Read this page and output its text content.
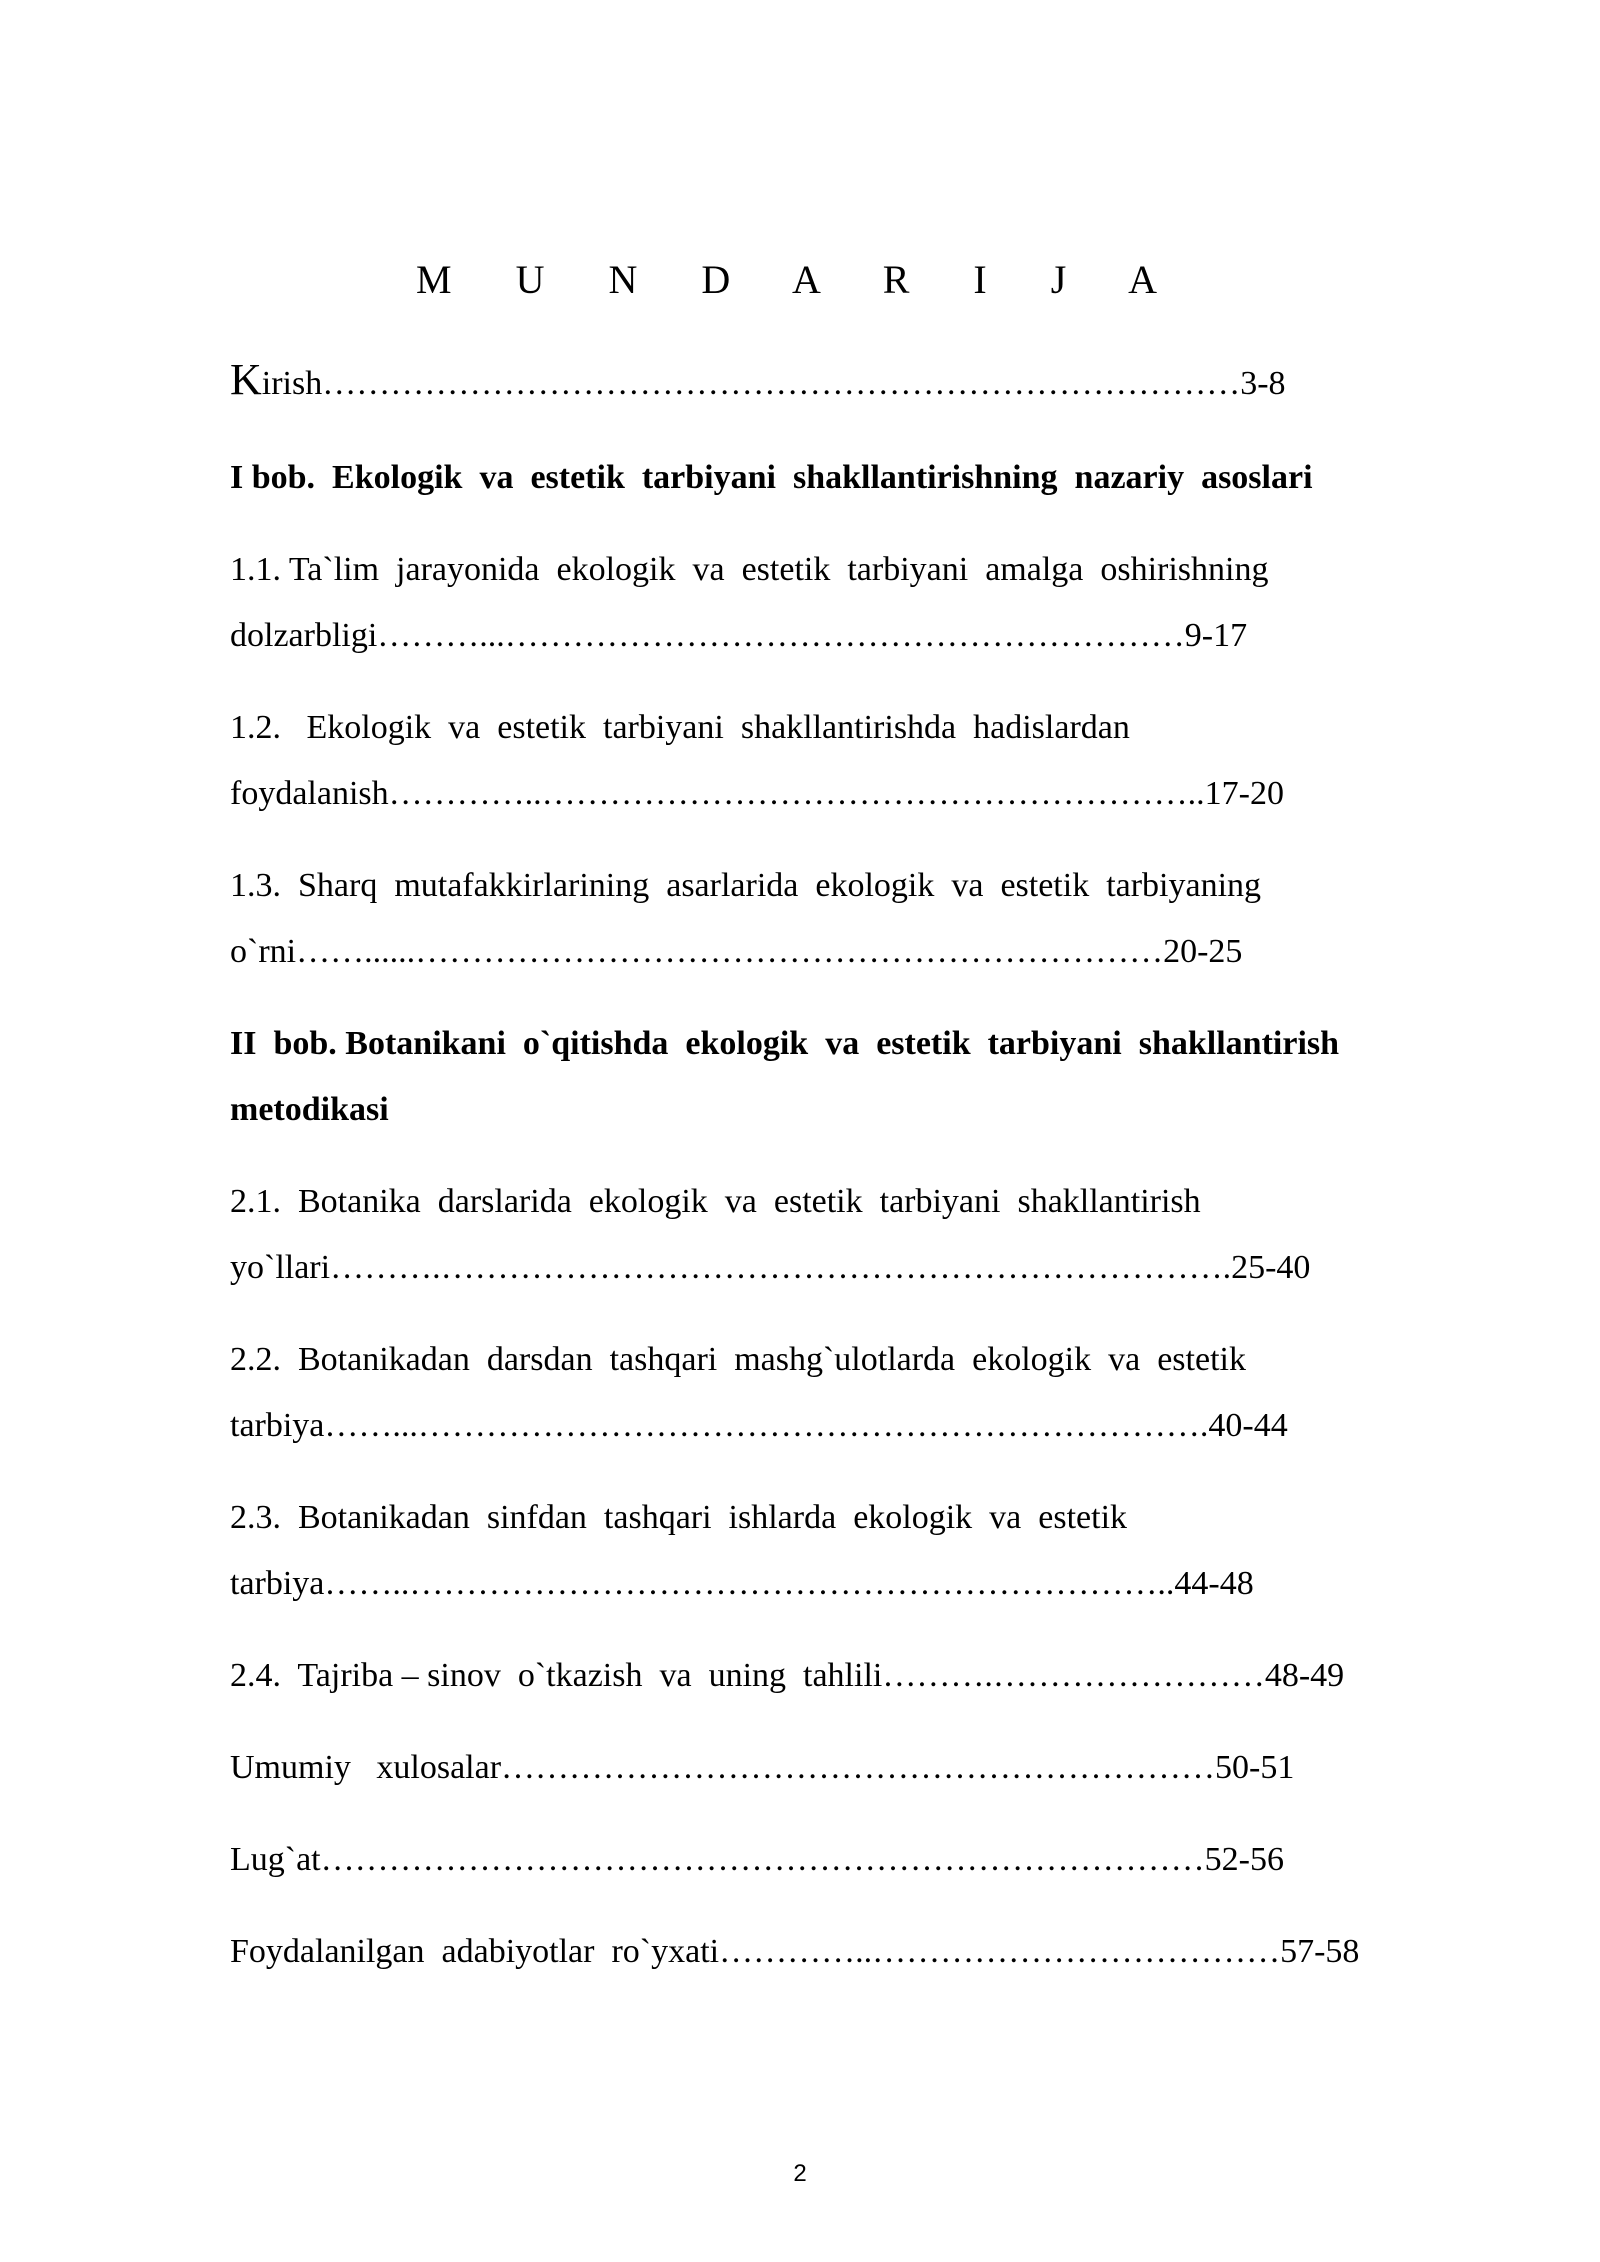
M U N D A R I J A
Kirish………………………………………………………………………3-8
I bob.  Ekologik  va  estetik  tarbiyani  shakllantirishning  nazariy  asoslari
1.1. Ta`lim  jarayonida  ekologik  va  estetik  tarbiyani  amalga  oshirishning
dolzarbligi………...……………………………………………………9-17
1.2.   Ekologik  va  estetik  tarbiyani  shakllantirishda  hadislardan
foydalanish…………..…………………………………………………..17-20
1.3.  Sharq  mutafakkirlarining  asarlarida  ekologik  va  estetik  tarbiyaning
o`rni……......…………………………………………………………20-25
II  bob. Botanikani  o`qitishda  ekologik  va  estetik  tarbiyani  shakllantirish
metodikasi
2.1.  Botanika  darslarida  ekologik  va  estetik  tarbiyani  shakllantirish
yo`llari……….…………………………………………………………….25-40
2.2.  Botanikadan  darsdan  tashqari  mashg`ulotlarda  ekologik  va  estetik
tarbiya……...…………………………………………………………….40-44
2.3.  Botanikadan  sinfdan  tashqari  ishlarda  ekologik  va  estetik
tarbiya……..…………………………………………………………..44-48
2.4.  Tajriba – sinov  o`tkazish  va  uning  tahlili……….……………………48-49
Umumiy   xulosalar………………………………………………………50-51
Lug`at……………………………………………………………………52-56
Foydalanilgan  adabiyotlar  ro`yxati…………..………………………………57-58
2
